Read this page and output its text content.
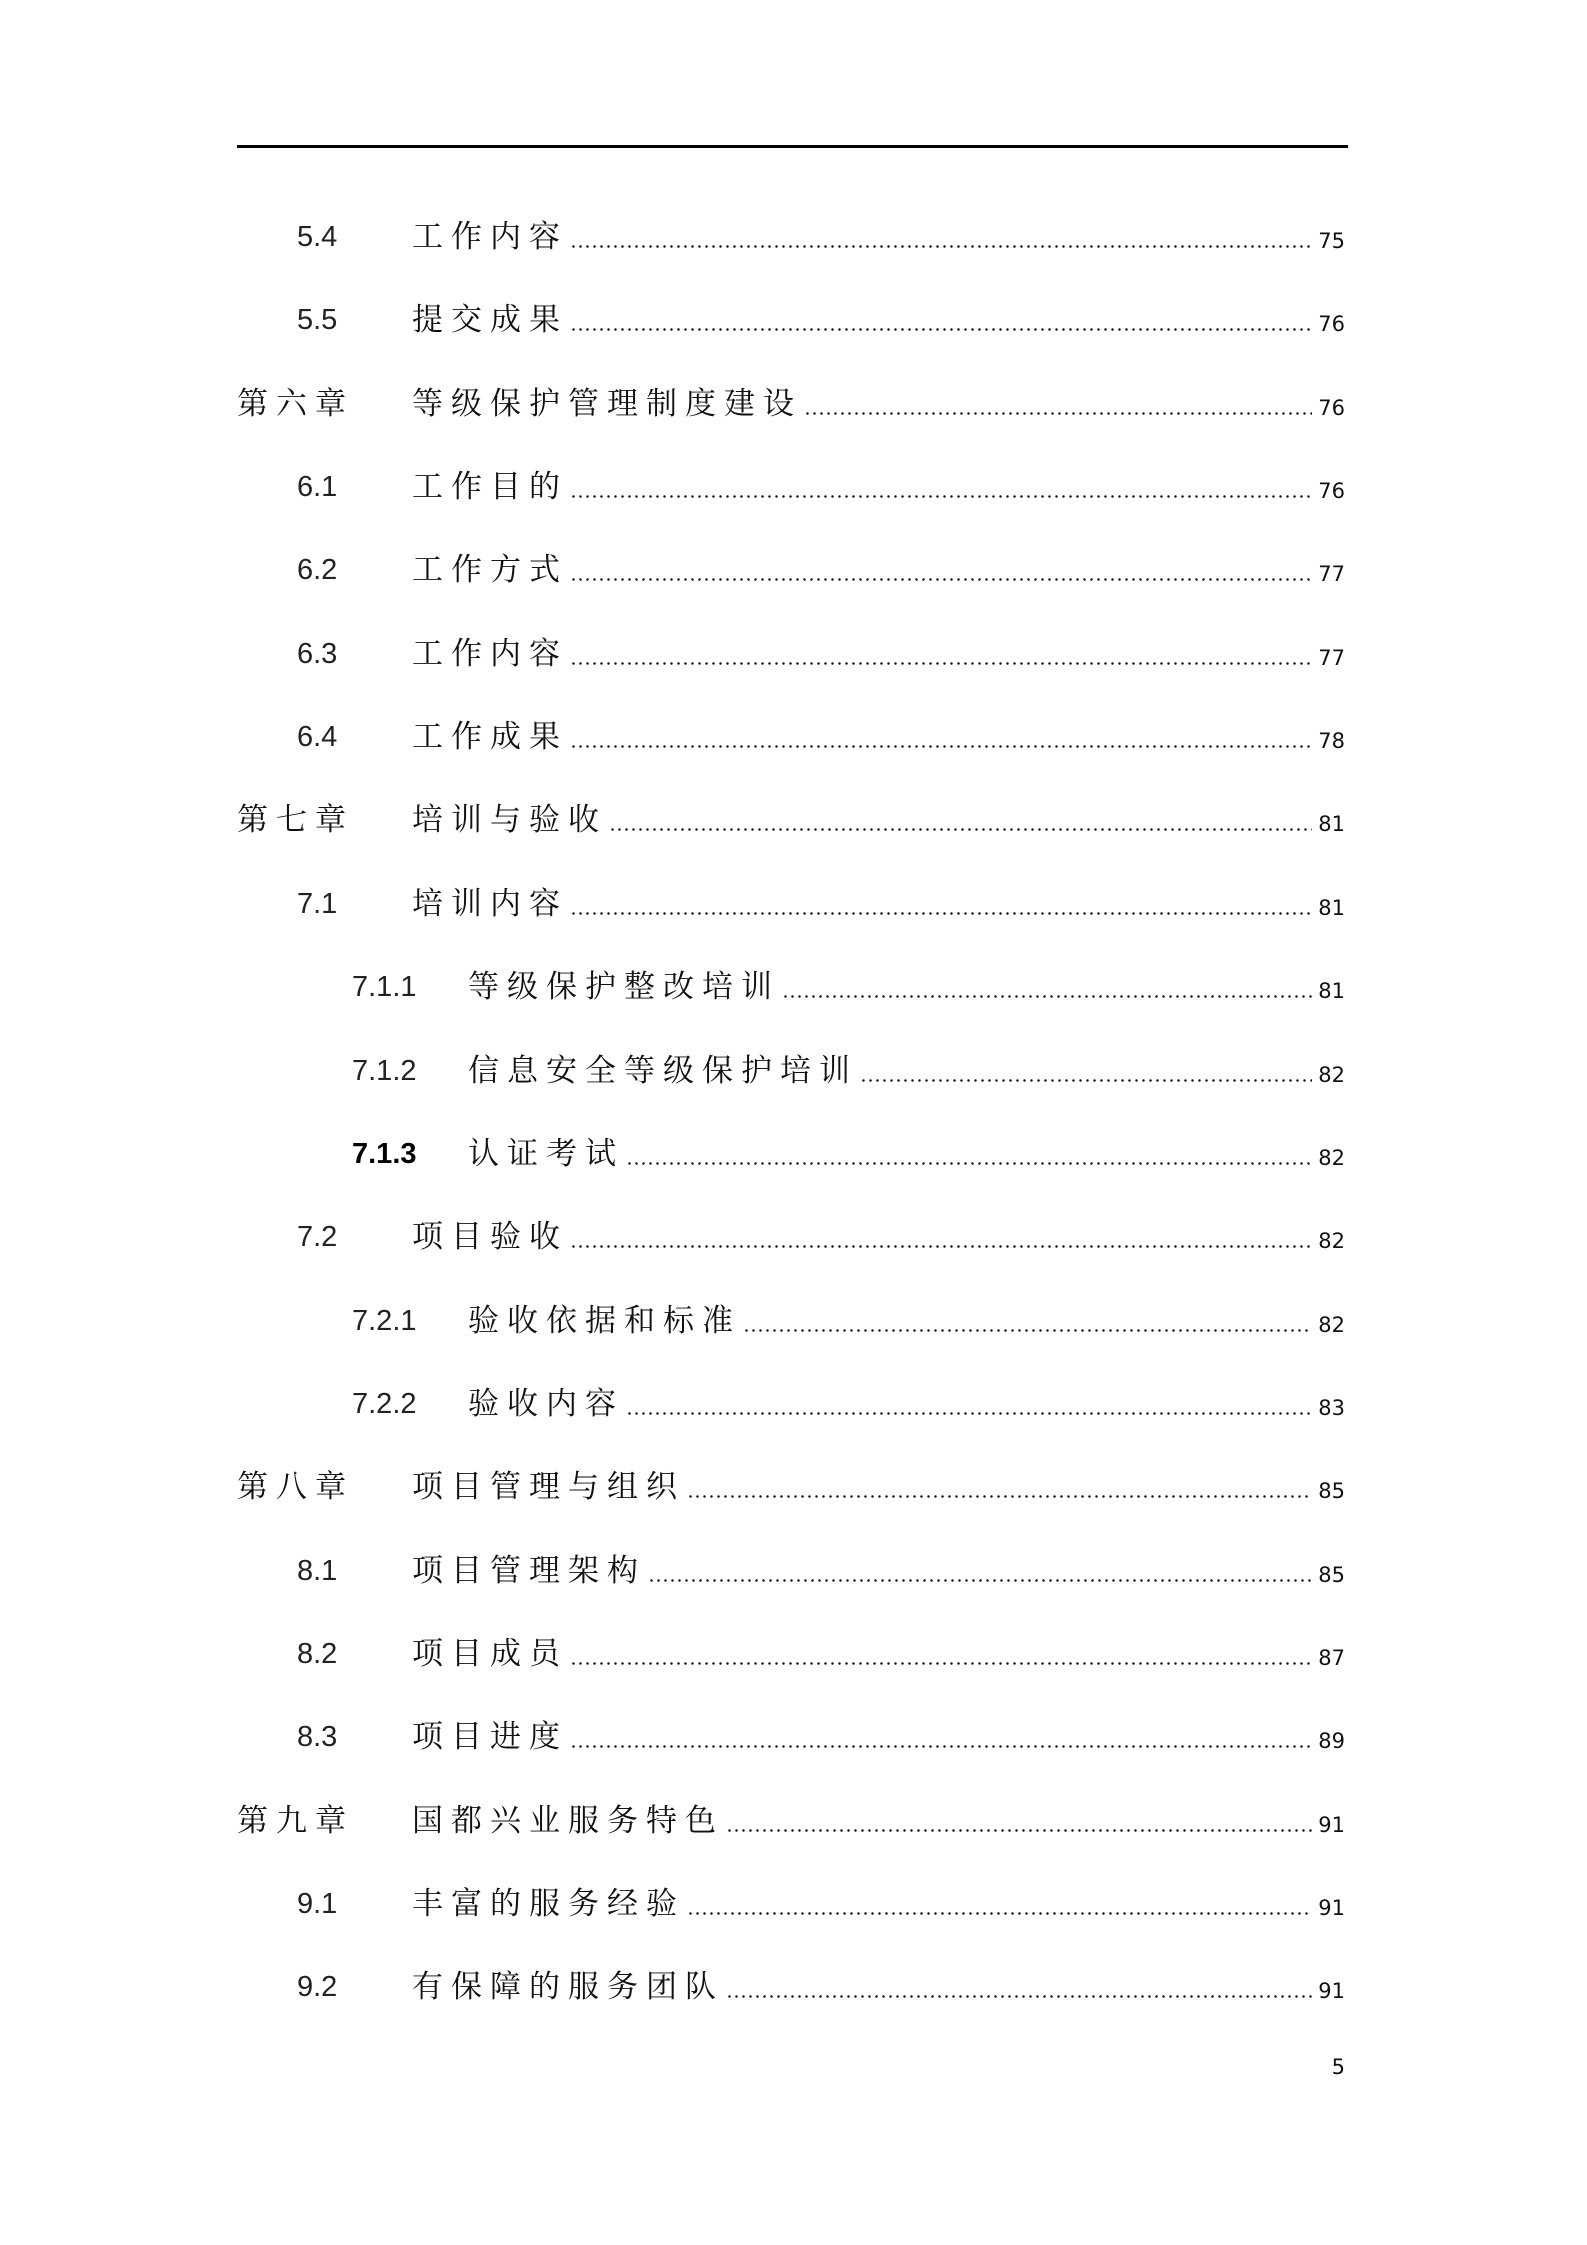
5.4 工作内容	75
5.5 提交成果	76
第六章 等级保护管理制度建设	76
6.1 工作目的	76
6.2 工作方式	77
6.3 工作内容	77
6.4 工作成果	78
第七章 培训与验收	81
7.1 培训内容	81
7.1.1 等级保护整改培训	81
7.1.2 信息安全等级保护培训	82
7.1.3 认证考试	82
7.2 项目验收	82
7.2.1 验收依据和标准	82
7.2.2 验收内容	83
第八章 项目管理与组织	85
8.1 项目管理架构	85
8.2 项目成员	87
8.3 项目进度	89
第九章 国都兴业服务特色	91
9.1 丰富的服务经验	91
9.2 有保障的服务团队	91
5
